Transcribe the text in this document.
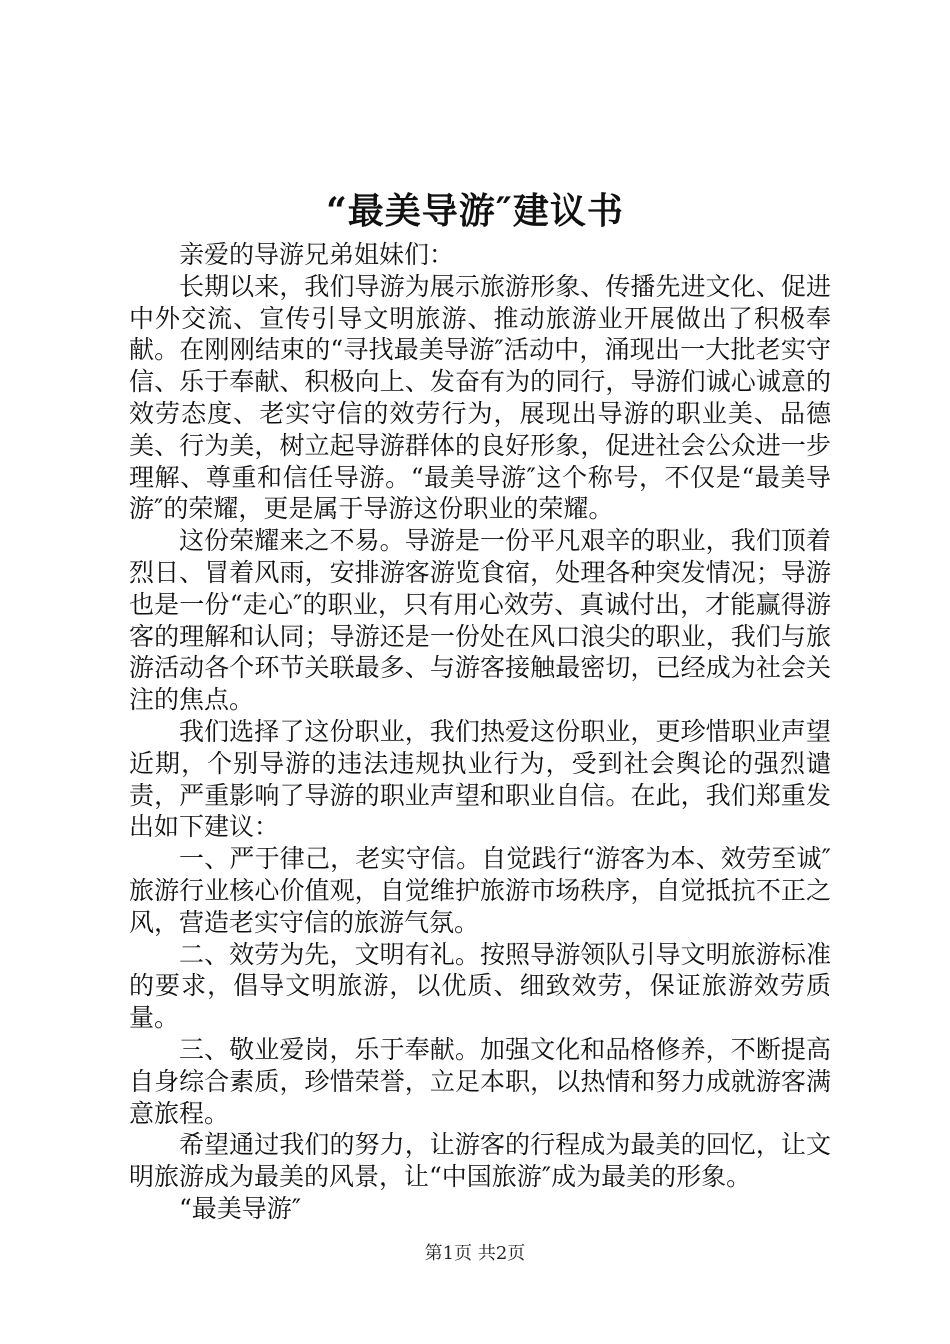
“最美导游″建议书

亲爱的导游兄弟姐妹们：

长期以来，我们导游为展示旅游形象、传播先进文化、促进中外交流、宣传引导文明旅游、推动旅游业开展做出了积极奉献。在刚刚结束的“寻找最美导游″活动中，涌现出一大批老实守信、乐于奉献、积极向上、发奋有为的同行，导游们诚心诚意的效劳态度、老实守信的效劳行为，展现出导游的职业美、品德美、行为美，树立起导游群体的良好形象，促进社会公众进一步理解、尊重和信任导游。“最美导游″这个称号，不仅是“最美导游″的荣耀，更是属于导游这份职业的荣耀。

这份荣耀来之不易。导游是一份平凡艰辛的职业，我们顶着烈日、冒着风雨，安排游客游览食宿，处理各种突发情况；导游也是一份“走心″的职业，只有用心效劳、真诚付出，才能赢得游客的理解和认同；导游还是一份处在风口浪尖的职业，我们与旅游活动各个环节关联最多、与游客接触最密切，已经成为社会关注的焦点。

我们选择了这份职业，我们热爱这份职业，更珍惜职业声望近期，个别导游的违法违规执业行为，受到社会舆论的强烈谴责，严重影响了导游的职业声望和职业自信。在此，我们郑重发出如下建议：

一、严于律己，老实守信。自觉践行“游客为本、效劳至诚″旅游行业核心价值观，自觉维护旅游市场秩序，自觉抵抗不正之风，营造老实守信的旅游气氛。

二、效劳为先，文明有礼。按照导游领队引导文明旅游标准的要求，倡导文明旅游，以优质、细致效劳，保证旅游效劳质量。

三、敬业爱岗，乐于奉献。加强文化和品格修养，不断提高自身综合素质，珍惜荣誉，立足本职，以热情和努力成就游客满意旅程。

希望通过我们的努力，让游客的行程成为最美的回忆，让文明旅游成为最美的风景，让“中国旅游″成为最美的形象。

“最美导游″

第1页 共2页
